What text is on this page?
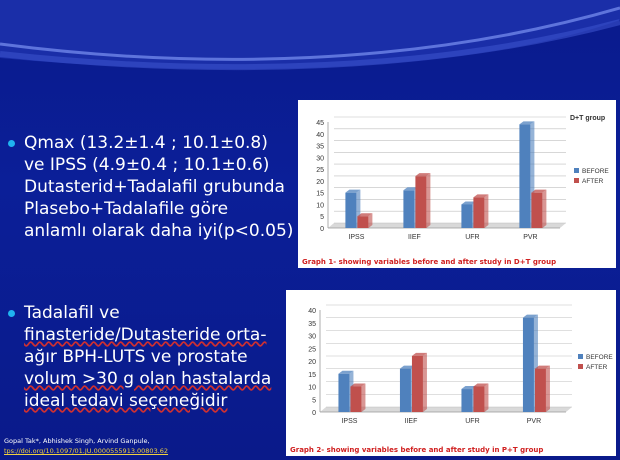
Qmax (13.2±1.4 ; 10.1±0.8)
ve IPSS (4.9±0.4 ; 10.1±0.6)
Dutasterid+Tadalafil grubunda
Plasebo+Tadalafile göre
anlamlı olarak daha iyi(p<0.05)
Tadalafil ve
finasteride/Dutasteride orta-
ağır BPH-LUTS ve prostate
volum >30 g olan hastalarda
ideal tedavi seçeneğidir
0
5
10
15
20
25
30
35
40
45
IPSS	IIEF	UFR	PVR
D+T group
BEFORE
AFTER
Graph 1- showing variables before and after study in D+T group
0
5
10
15
20
25
30
35
40
IPSS	IIEF	UFR	PVR
BEFORE
AFTER
Graph 2- showing variables before and after study in P+T group
Gopal Tak*, Abhishek Singh, Arvind Ganpule,
tps://doi.org/10.1097/01.JU.0000555913.00803.62
